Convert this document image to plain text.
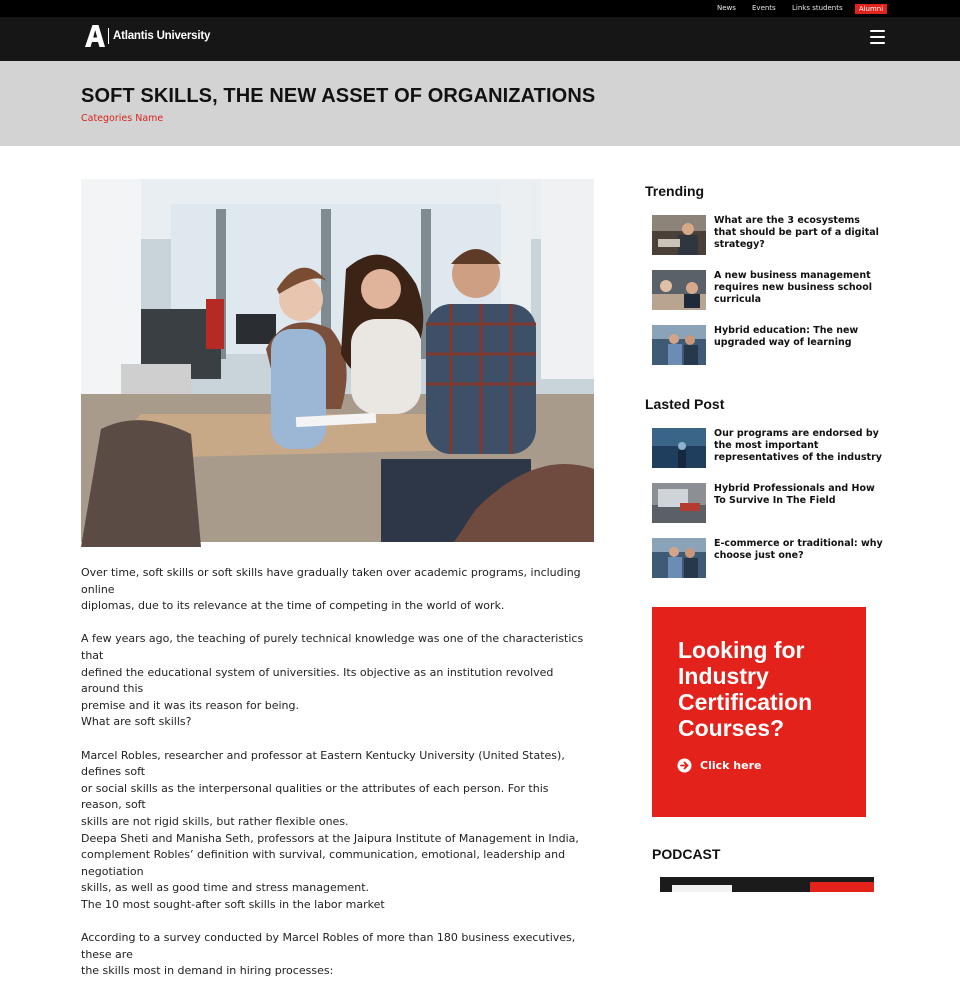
News Events Links students	Alumni
Atlantis University
SOFT SKILLS, THE NEW ASSET OF ORGANIZATIONS
Categories Name

Over time, soft skills or soft skills have gradually taken over academic programs, including online
diplomas, due to its relevance at the time of competing in the world of work.

A few years ago, the teaching of purely technical knowledge was one of the characteristics that
defined the educational system of universities. Its objective as an institution revolved around this
premise and it was its reason for being.
What are soft skills?

Marcel Robles, researcher and professor at Eastern Kentucky University (United States), defines soft
or social skills as the interpersonal qualities or the attributes of each person. For this reason, soft
skills are not rigid skills, but rather flexible ones.
Deepa Sheti and Manisha Seth, professors at the Jaipura Institute of Management in India,
complement Robles’ definition with survival, communication, emotional, leadership and negotiation
skills, as well as good time and stress management.
The 10 most sought-after soft skills in the labor market

According to a survey conducted by Marcel Robles of more than 180 business executives, these are
the skills most in demand in hiring processes:

Trending
What are the 3 ecosystems that should be part of a digital strategy?
A new business management requires new business school curricula
Hybrid education: The new upgraded way of learning
Lasted Post
Our programs are endorsed by the most important representatives of the industry
Hybrid Professionals and How To Survive In The Field
E-commerce or traditional: why choose just one?
Looking for Industry Certification Courses?
Click here
PODCAST
